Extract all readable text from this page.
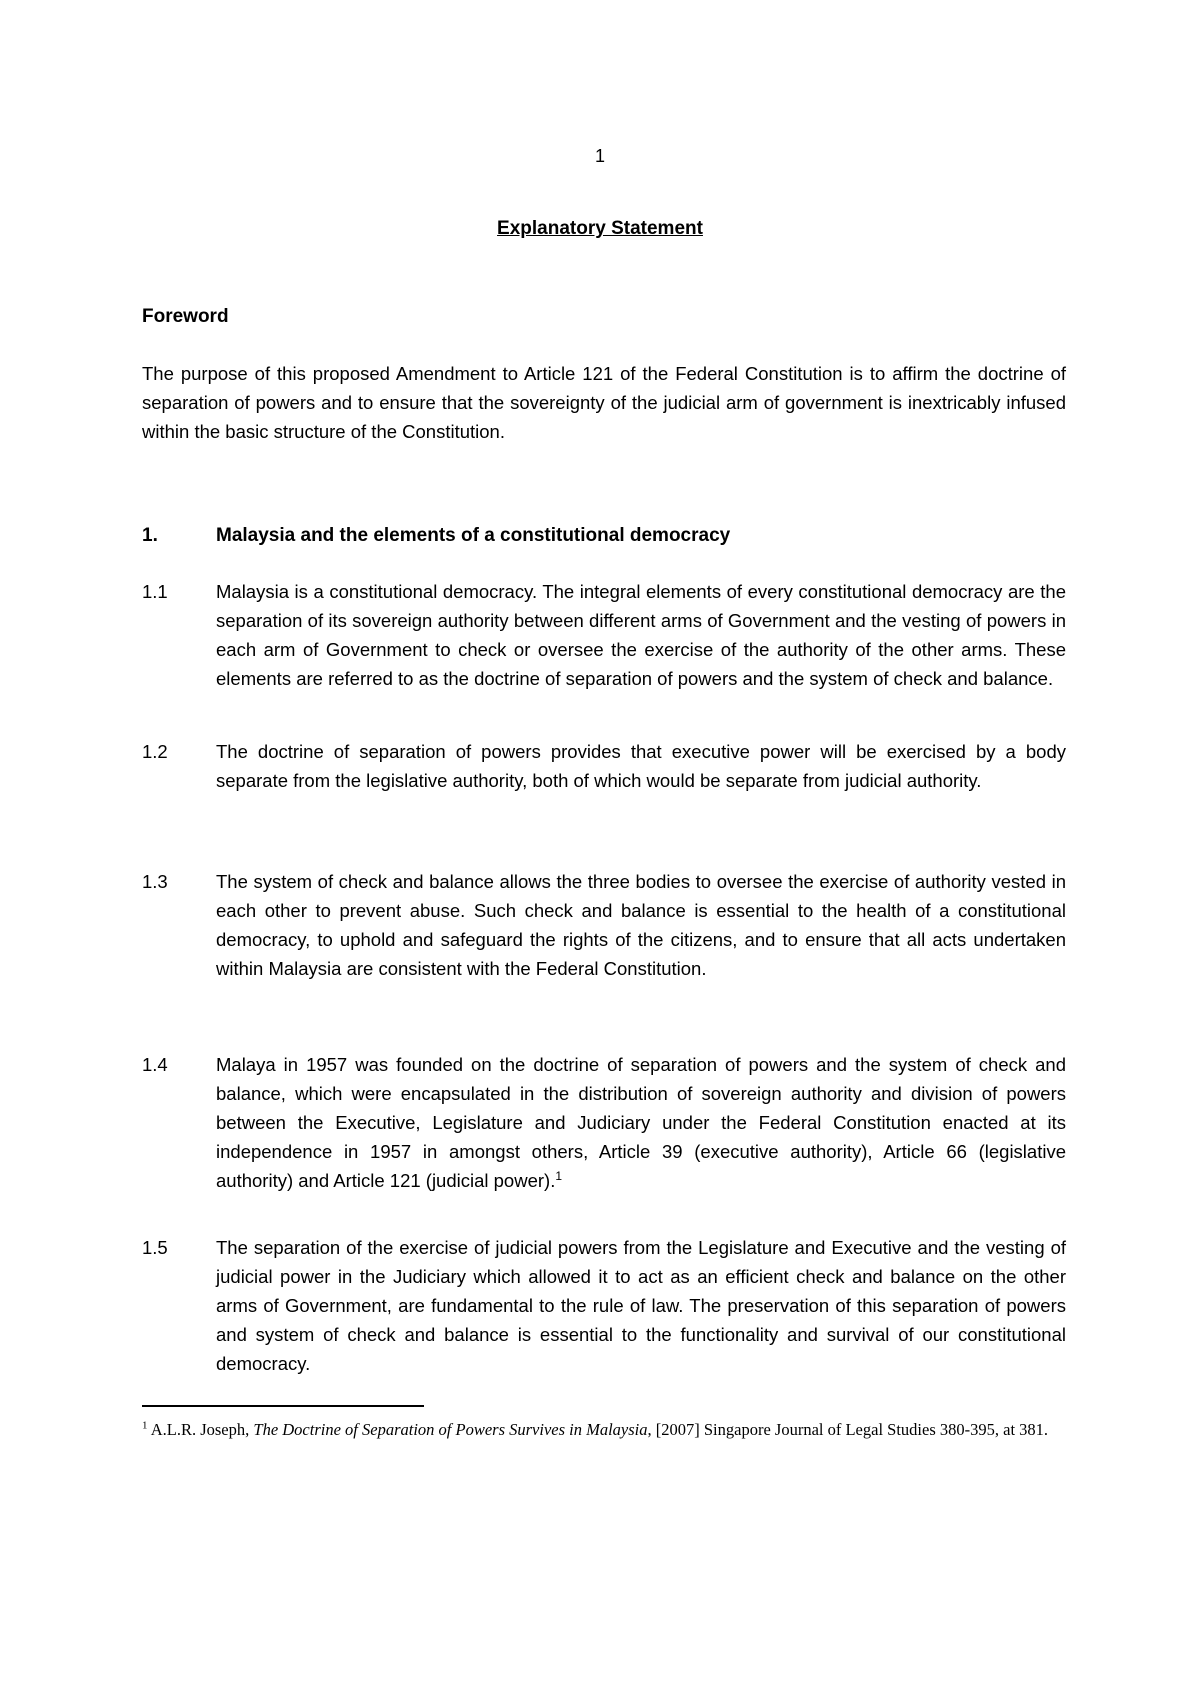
1
Explanatory Statement
Foreword
The purpose of this proposed Amendment to Article 121 of the Federal Constitution is to affirm the doctrine of separation of powers and to ensure that the sovereignty of the judicial arm of government is inextricably infused within the basic structure of the Constitution.
1.	Malaysia and the elements of a constitutional democracy
1.1	Malaysia is a constitutional democracy. The integral elements of every constitutional democracy are the separation of its sovereign authority between different arms of Government and the vesting of powers in each arm of Government to check or oversee the exercise of the authority of the other arms. These elements are referred to as the doctrine of separation of powers and the system of check and balance.
1.2	The doctrine of separation of powers provides that executive power will be exercised by a body separate from the legislative authority, both of which would be separate from judicial authority.
1.3	The system of check and balance allows the three bodies to oversee the exercise of authority vested in each other to prevent abuse. Such check and balance is essential to the health of a constitutional democracy, to uphold and safeguard the rights of the citizens, and to ensure that all acts undertaken within Malaysia are consistent with the Federal Constitution.
1.4	Malaya in 1957 was founded on the doctrine of separation of powers and the system of check and balance, which were encapsulated in the distribution of sovereign authority and division of powers between the Executive, Legislature and Judiciary under the Federal Constitution enacted at its independence in 1957 in amongst others, Article 39 (executive authority), Article 66 (legislative authority) and Article 121 (judicial power).$^1$
1.5	The separation of the exercise of judicial powers from the Legislature and Executive and the vesting of judicial power in the Judiciary which allowed it to act as an efficient check and balance on the other arms of Government, are fundamental to the rule of law. The preservation of this separation of powers and system of check and balance is essential to the functionality and survival of our constitutional democracy.
$^1$ A.L.R. Joseph, The Doctrine of Separation of Powers Survives in Malaysia, [2007] Singapore Journal of Legal Studies 380-395, at 381.
